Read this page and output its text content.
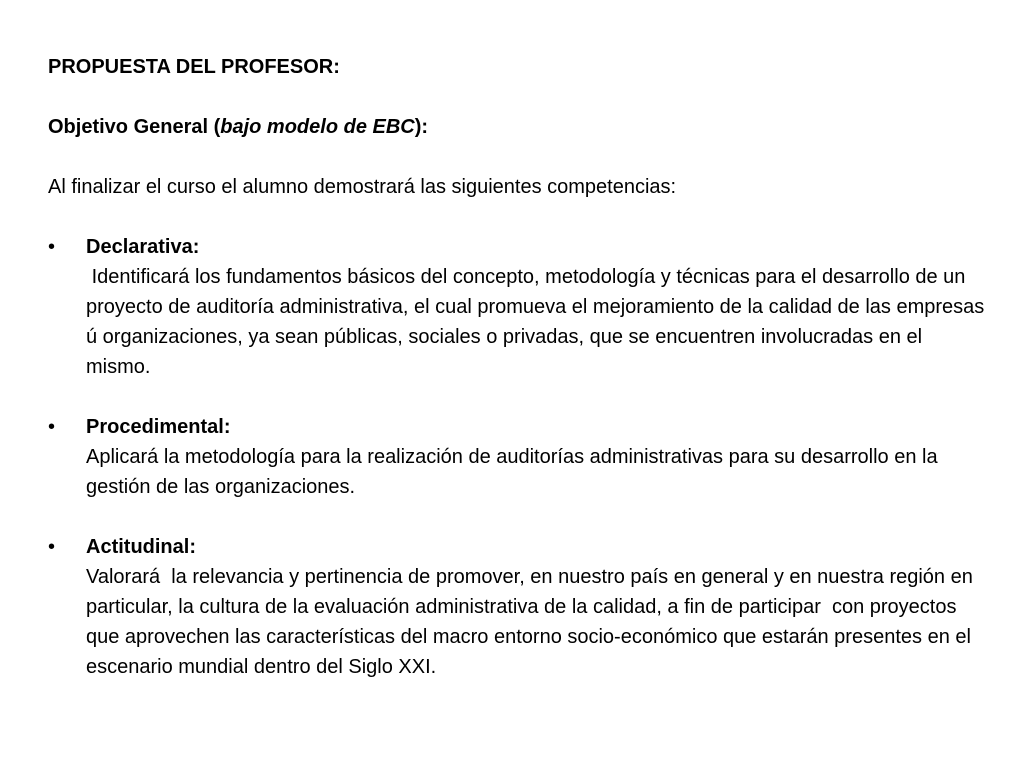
PROPUESTA DEL PROFESOR:

Objetivo General (bajo modelo de EBC):

Al finalizar el curso el alumno demostrará las siguientes competencias:

•	Declarativa:
Identificará los fundamentos básicos del concepto, metodología y técnicas para el desarrollo de un proyecto de auditoría administrativa, el cual promueva el mejoramiento de la calidad de las empresas ú organizaciones, ya sean públicas, sociales o privadas, que se encuentren involucradas en el mismo.
•	Procedimental:
Aplicará la metodología para la realización de auditorías administrativas para su desarrollo en la gestión de las organizaciones.
•	Actitudinal:
Valorará  la relevancia y pertinencia de promover, en nuestro país en general y en nuestra región en particular, la cultura de la evaluación administrativa de la calidad, a fin de participar  con proyectos que aprovechen las características del macro entorno socio-económico que estarán presentes en el escenario mundial dentro del Siglo XXI.
